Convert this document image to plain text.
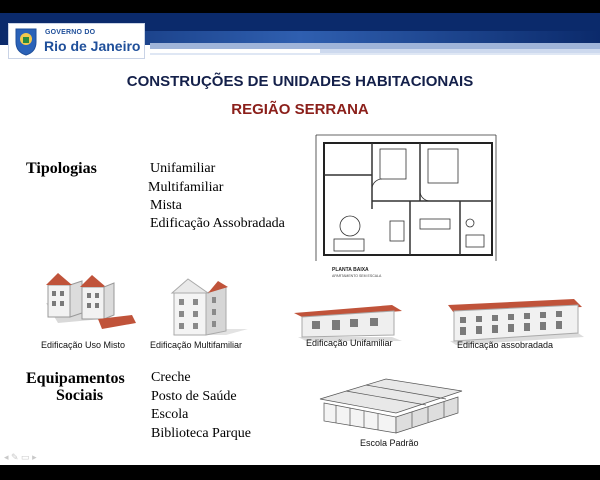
GOVERNO DO
Rio de Janeiro
CONSTRUÇÕES DE UNIDADES HABITACIONAIS
REGIÃO SERRANA
Tipologias	Unifamiliar
Multifamiliar
Mista
Edificação Assobradada
PLANTA BAIXA
APARTAMENTO SEM ESCALA
Edificação Uso Misto	Edificação Multifamiliar	Edificação Unifamiliar	Edificação assobradada
Equipamentos
Sociais
Creche
Posto de Saúde
Escola
Biblioteca Parque
Escola Padrão
◂ ✎ ▭ ▸
